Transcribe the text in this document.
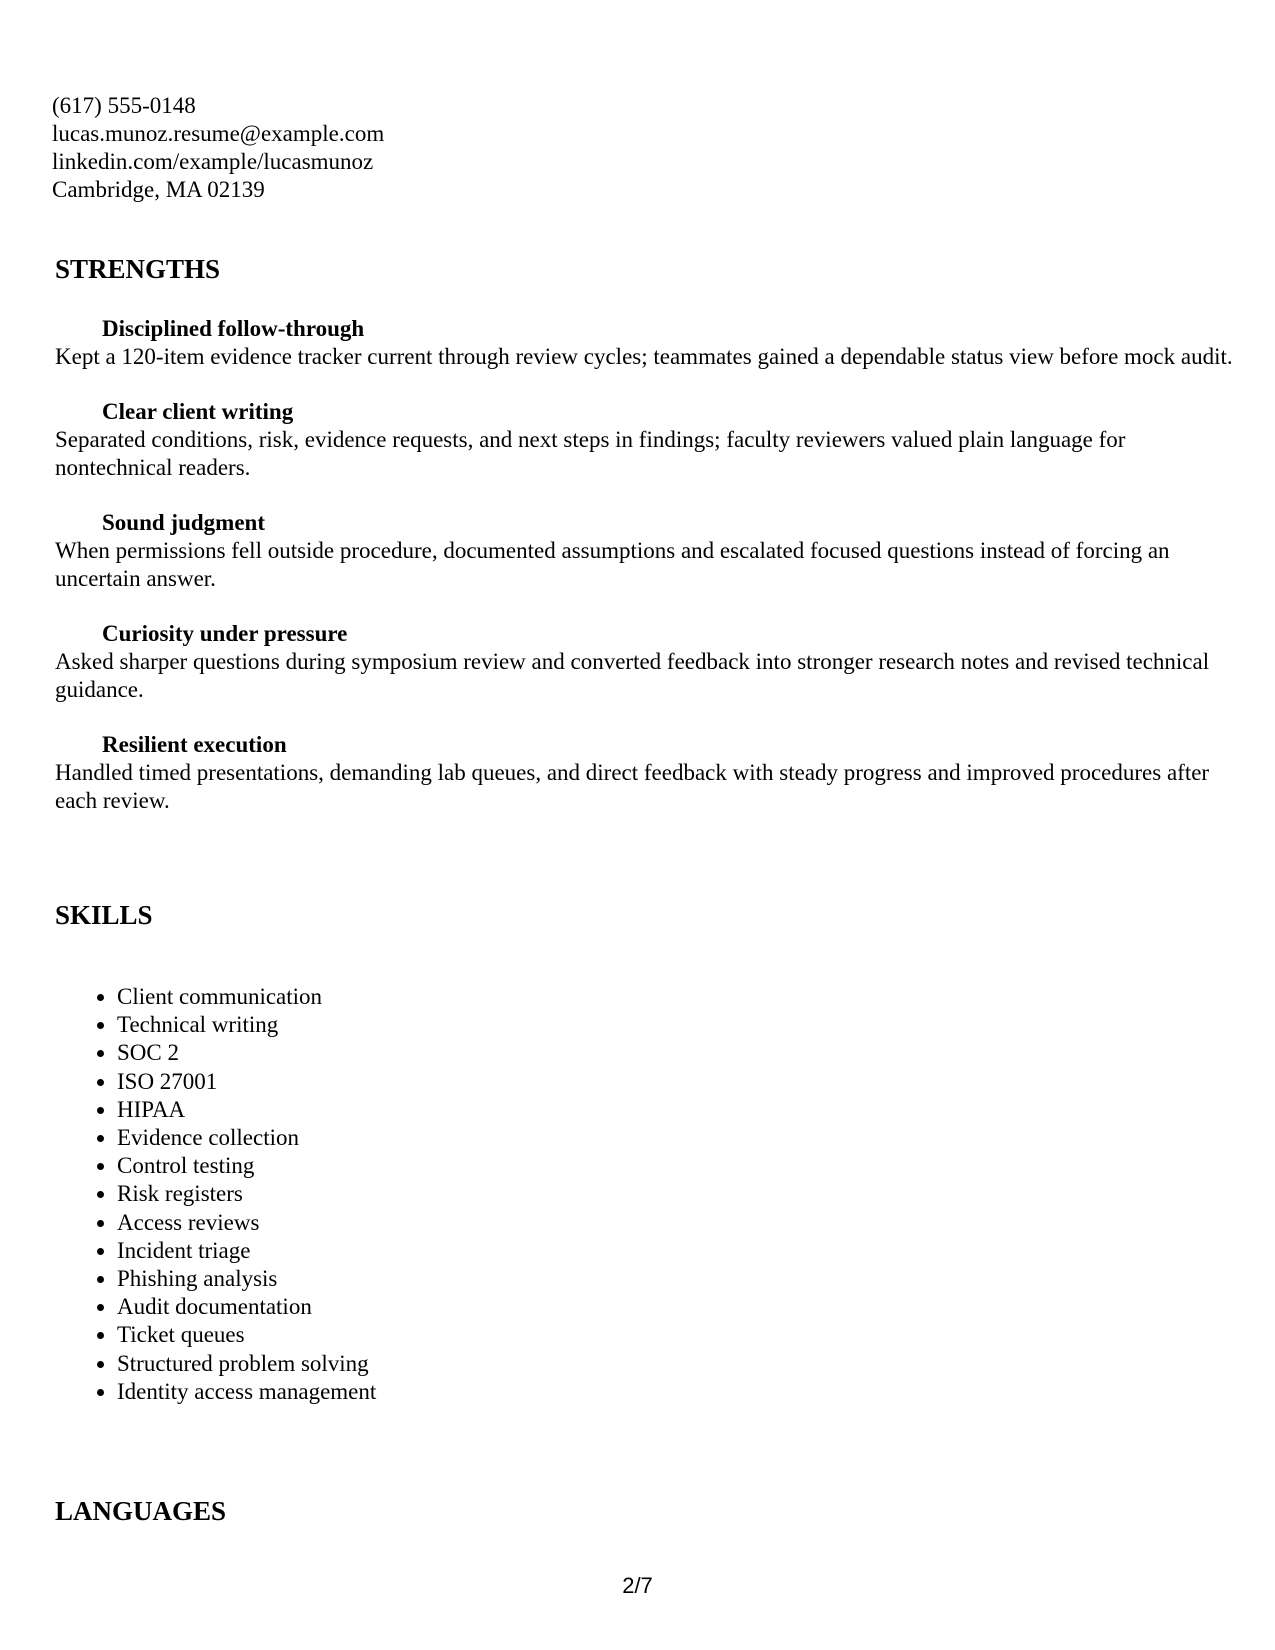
(617) 555-0148
lucas.munoz.resume@example.com
linkedin.com/example/lucasmunoz
Cambridge, MA 02139
STRENGTHS
Disciplined follow-through

Kept a 120-item evidence tracker current through review cycles; teammates gained a dependable status view before mock audit.

Clear client writing

Separated conditions, risk, evidence requests, and next steps in findings; faculty reviewers valued plain language for nontechnical readers.

Sound judgment

When permissions fell outside procedure, documented assumptions and escalated focused questions instead of forcing an uncertain answer.

Curiosity under pressure

Asked sharper questions during symposium review and converted feedback into stronger research notes and revised technical guidance.

Resilient execution

Handled timed presentations, demanding lab queues, and direct feedback with steady progress and improved procedures after each review.

SKILLS
• Client communication
• Technical writing
• SOC 2
• ISO 27001
• HIPAA
• Evidence collection
• Control testing
• Risk registers
• Access reviews
• Incident triage
• Phishing analysis
• Audit documentation
• Ticket queues
• Structured problem solving
• Identity access management
LANGUAGES
2/7
